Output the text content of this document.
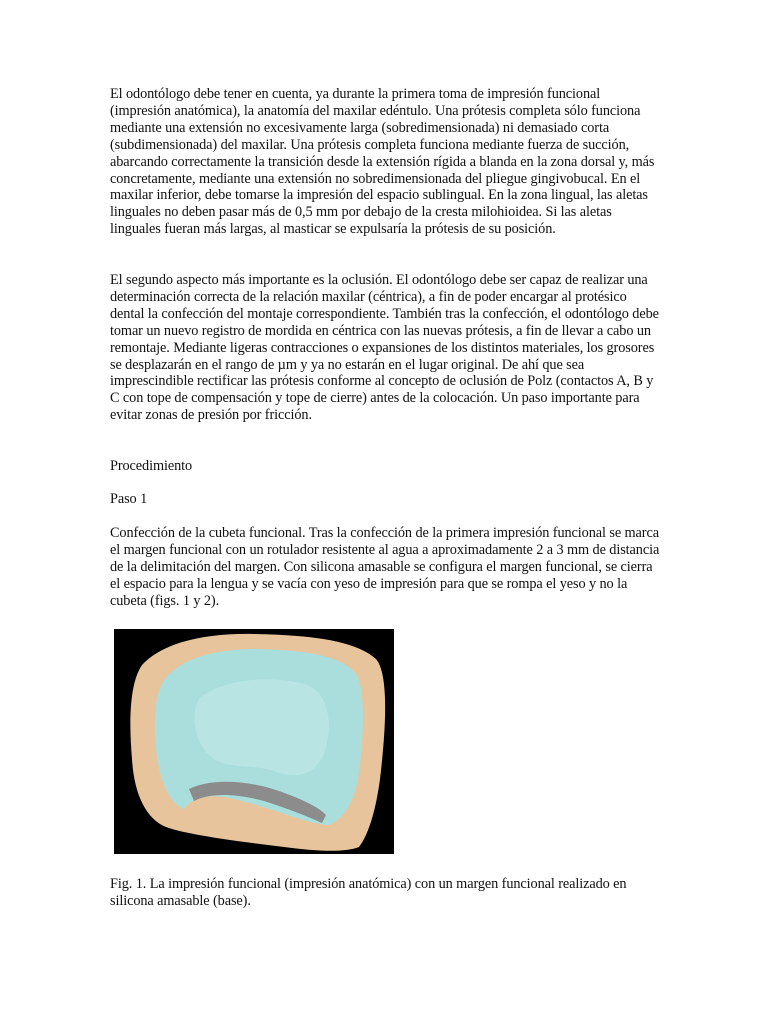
El odontólogo debe tener en cuenta, ya durante la primera toma de impresión funcional (impresión anatómica), la anatomía del maxilar edéntulo. Una prótesis completa sólo funciona mediante una extensión no excesivamente larga (sobredimensionada) ni demasiado corta (subdimensionada) del maxilar. Una prótesis completa funciona mediante fuerza de succión, abarcando correctamente la transición desde la extensión rígida a blanda en la zona dorsal y, más concretamente, mediante una extensión no sobredimensionada del pliegue gingivobucal. En el maxilar inferior, debe tomarse la impresión del espacio sublingual. En la zona lingual, las aletas linguales no deben pasar más de 0,5 mm por debajo de la cresta milohioidea. Si las aletas linguales fueran más largas, al masticar se expulsaría la prótesis de su posición.

El segundo aspecto más importante es la oclusión. El odontólogo debe ser capaz de realizar una determinación correcta de la relación maxilar (céntrica), a fin de poder encargar al protésico dental la confección del montaje correspondiente. También tras la confección, el odontólogo debe tomar un nuevo registro de mordida en céntrica con las nuevas prótesis, a fin de llevar a cabo un remontaje. Mediante ligeras contracciones o expansiones de los distintos materiales, los grosores se desplazarán en el rango de µm y ya no estarán en el lugar original. De ahí que sea imprescindible rectificar las prótesis conforme al concepto de oclusión de Polz (contactos A, B y C con tope de compensación y tope de cierre) antes de la colocación. Un paso importante para evitar zonas de presión por fricción.

Procedimiento

Paso 1

Confección de la cubeta funcional. Tras la confección de la primera impresión funcional se marca el margen funcional con un rotulador resistente al agua a aproximadamente 2 a 3 mm de distancia de la delimitación del margen. Con silicona amasable se configura el margen funcional, se cierra el espacio para la lengua y se vacía con yeso de impresión para que se rompa el yeso y no la cubeta (figs. 1 y 2).

Fig. 1. La impresión funcional (impresión anatómica) con un margen funcional realizado en silicona amasable (base).
